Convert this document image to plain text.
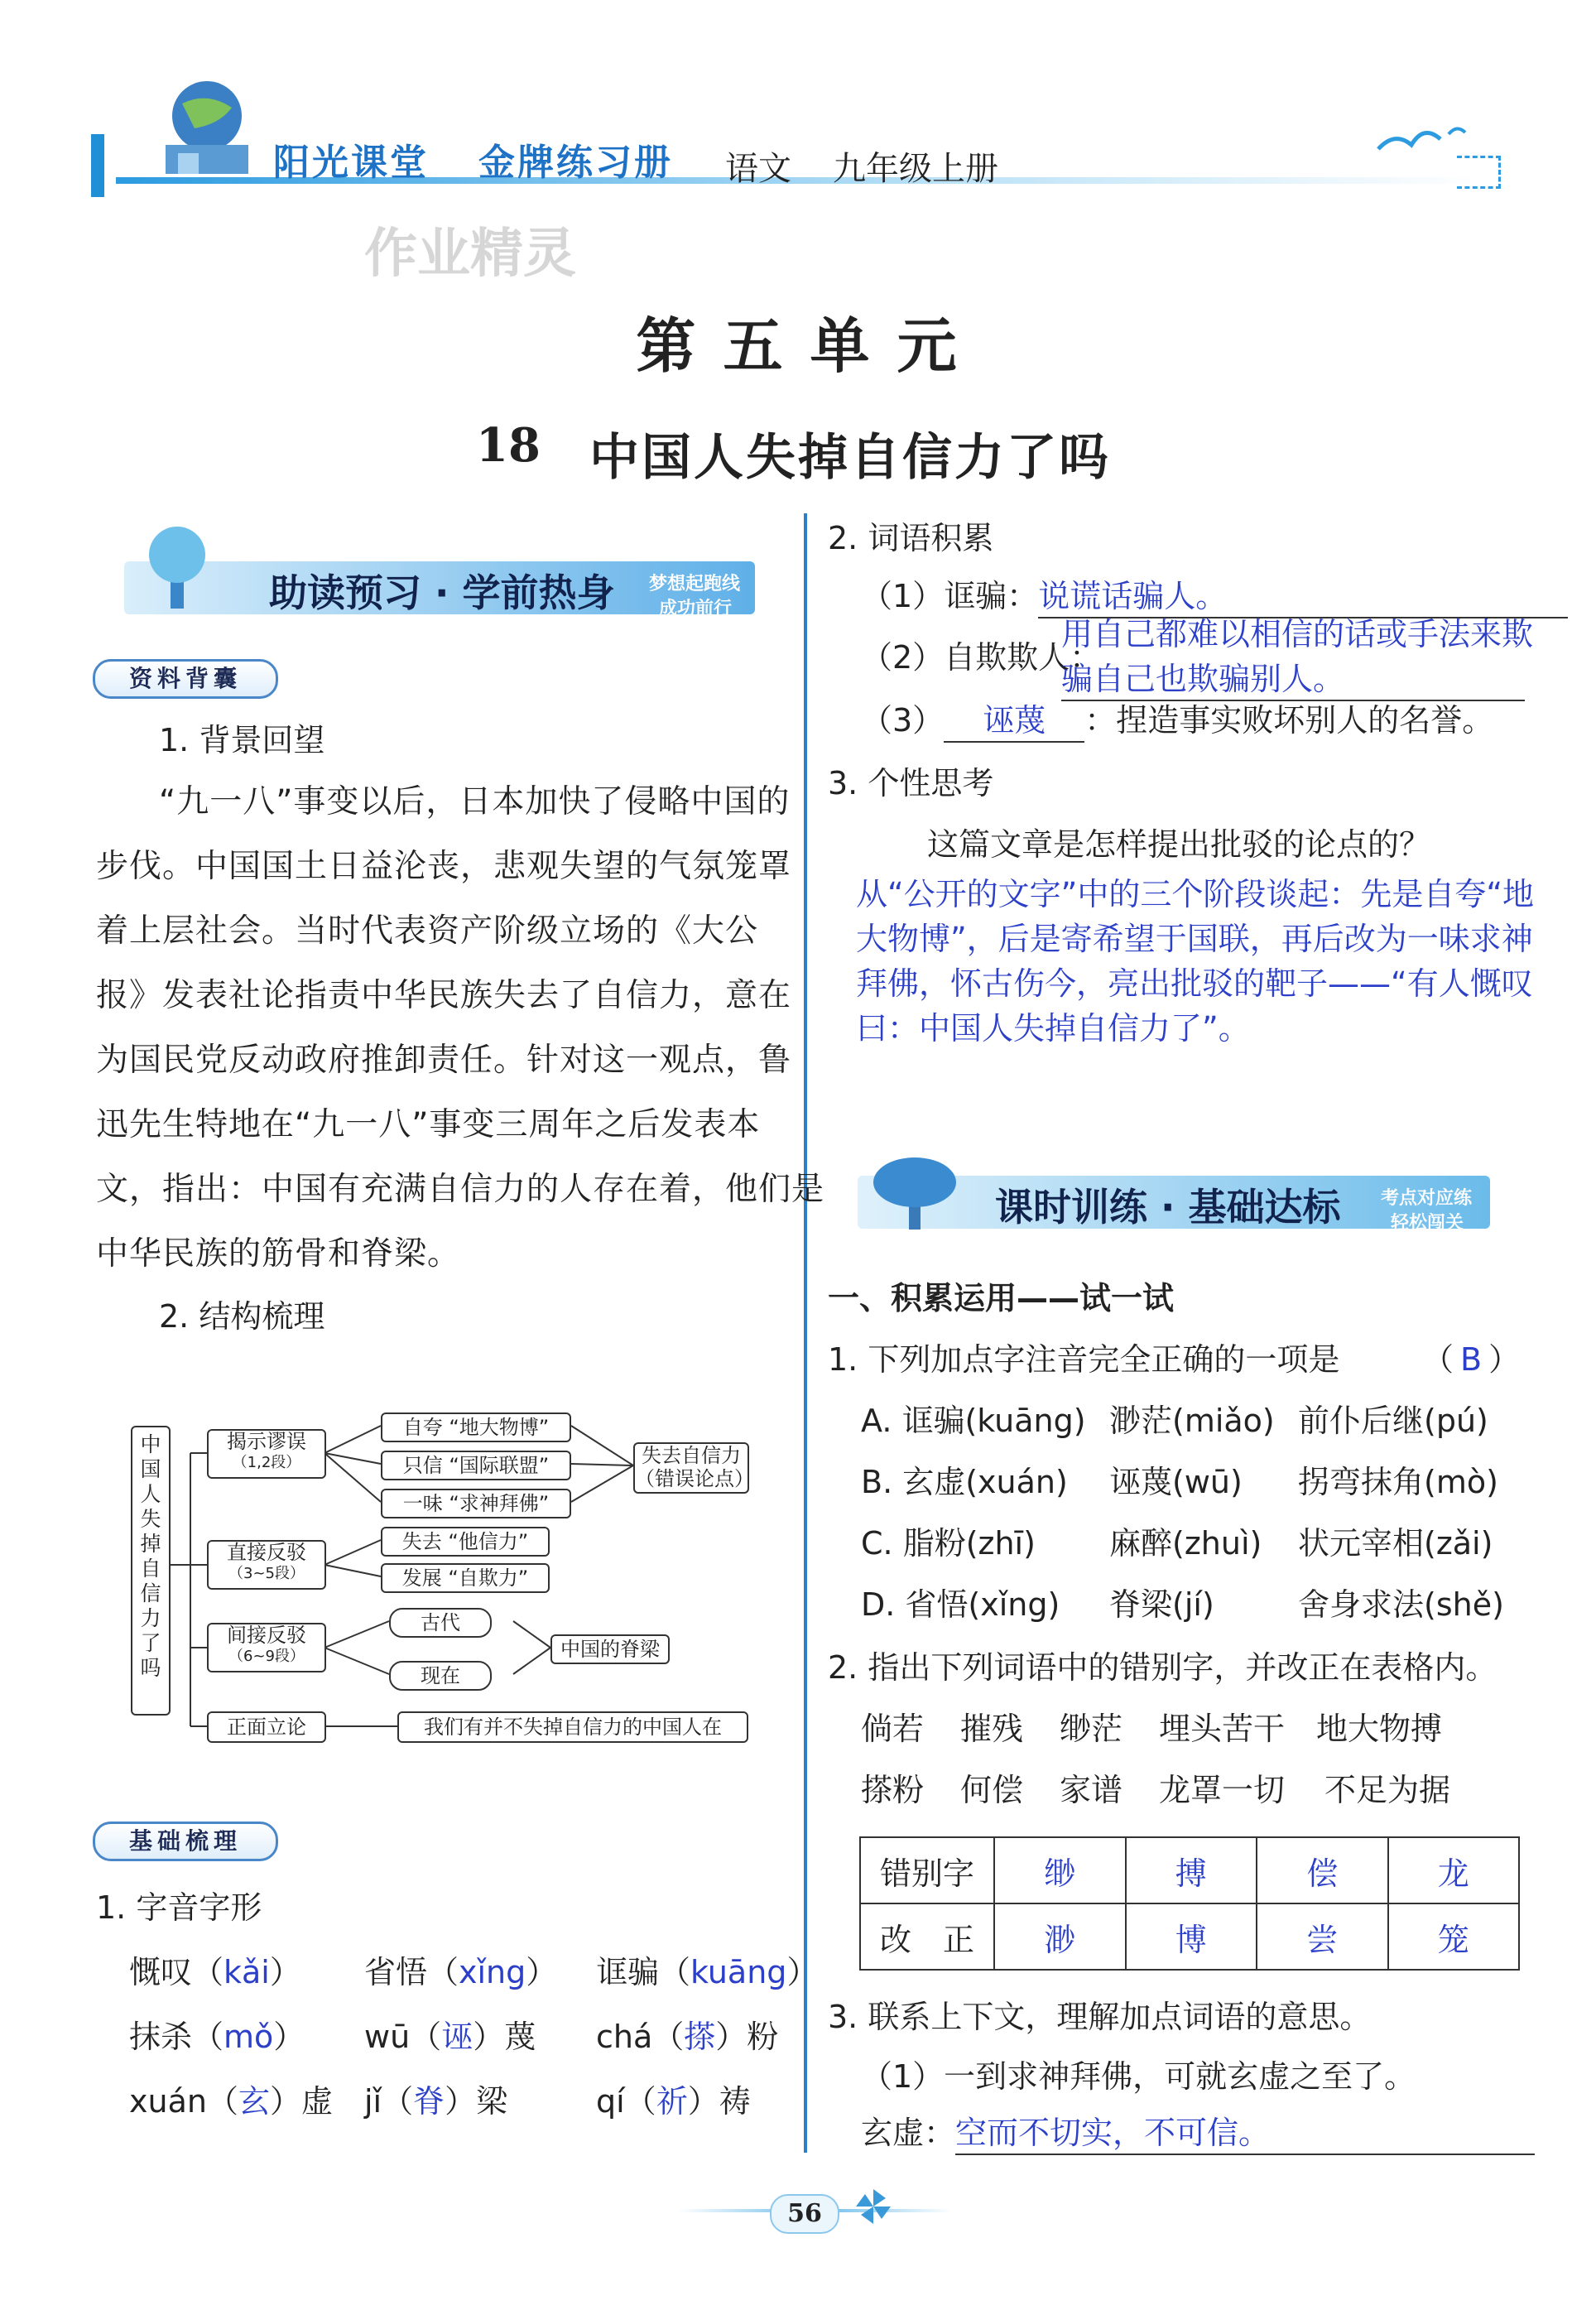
阳光课堂 金牌练习册 语文 九年级上册
作业精灵
第 五 单 元
18 中国人失掉自信力了吗
助读预习 · 学前热身 梦想起跑线
成功前行
资料背囊
1. 背景回望
“九一八”事变以后，日本加快了侵略中国的
步伐。中国国土日益沦丧，悲观失望的气氛笼罩
着上层社会。当时代表资产阶级立场的《大公
报》发表社论指责中华民族失去了自信力，意在
为国民党反动政府推卸责任。针对这一观点，鲁
迅先生特地在“九一八”事变三周年之后发表本
文，指出：中国有充满自信力的人存在着，他们是
中华民族的筋骨和脊梁。
2. 结构梳理
中国人失掉自信力了吗
揭示谬误
（1,2段）
直接反驳
（3~5段）
间接反驳
（6~9段）
正面立论
自夸 “地大物博”
只信 “国际联盟”
一味 “求神拜佛”
失去 “他信力”
发展 “自欺力”
古代
现在
失去自信力
（错误论点）
中国的脊梁
我们有并不失掉自信力的中国人在
基础梳理
1. 字音字形
慨叹（kǎi） 省悟（xǐng） 诓骗（kuāng）
抹杀（mǒ） wū（诬）蔑 chá（搽）粉
xuán（玄）虚 jǐ（脊）梁	qí（祈）祷
2. 词语积累
（1）诓骗：说谎话骗人。
（2）自欺欺人：
用自己都难以相信的话或手法来欺
骗自己也欺骗别人。
（3） 诬蔑 ：捏造事实败坏别人的名誉。
3. 个性思考
这篇文章是怎样提出批驳的论点的？
从“公开的文字”中的三个阶段谈起：先是自夸“地
大物博”，后是寄希望于国联，再后改为一味求神
拜佛，怀古伤今，亮出批驳的靶子——“有人慨叹
曰：中国人失掉自信力了”。
课时训练 · 基础达标 考点对应练
轻松闯关
一、积累运用——试一试
1. 下列加点字注音完全正确的一项是	（ B ）
A. 诓骗(kuāng) 渺茫(miǎo) 前仆后继(pú)
B. 玄虚(xuán) 诬蔑(wū) 拐弯抹角(mò)
C. 脂粉(zhī) 麻醉(zhuì) 状元宰相(zǎi)
D. 省悟(xǐng) 脊梁(jí)	舍身求法(shě)
2. 指出下列词语中的错别字，并改正在表格内。
倘若 摧残 缈茫 埋头苦干 地大物搏
搽粉 何偿 家谱 龙罩一切 不足为据
错别字	缈	搏	偿	龙
改　正	渺	博	尝	笼
3. 联系上下文，理解加点词语的意思。
（1）一到求神拜佛，可就玄虚之至了。
玄虚：空而不切实，不可信。
56
